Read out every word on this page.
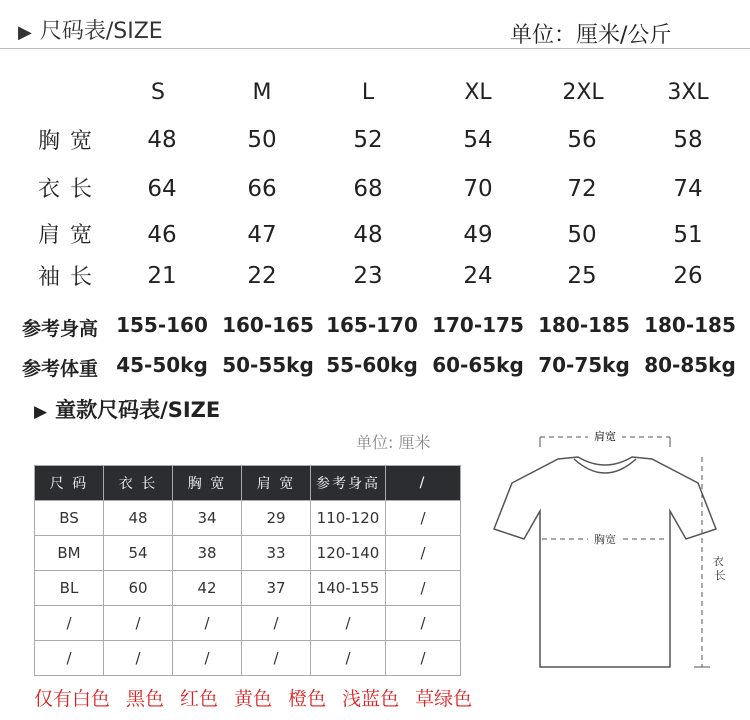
▶ 尺码表/SIZE	单位：厘米/公斤
S	M	L	XL	2XL	3XL
胸宽	48	50	52	54	56	58
衣长	64	66	68	70	72	74
肩宽	46	47	48	49	50	51
袖长	21	22	23	24	25	26
参考身高 155-160 160-165 165-170 170-175 180-185 180-185
参考体重 45-50kg 50-55kg 55-60kg 60-65kg 70-75kg 80-85kg
▶ 童款尺码表/SIZE
单位: 厘米
尺 码	衣 长	胸 宽	肩 宽	参考身高	/
BS	48	34	29	110-120	/
BM	54	38	33	120-140	/
BL	60	42	37	140-155	/
/	/	/	/	/	/
/	/	/	/	/	/
肩宽
胸宽
衣 长
仅有白色 黑色 红色 黄色 橙色 浅蓝色 草绿色
